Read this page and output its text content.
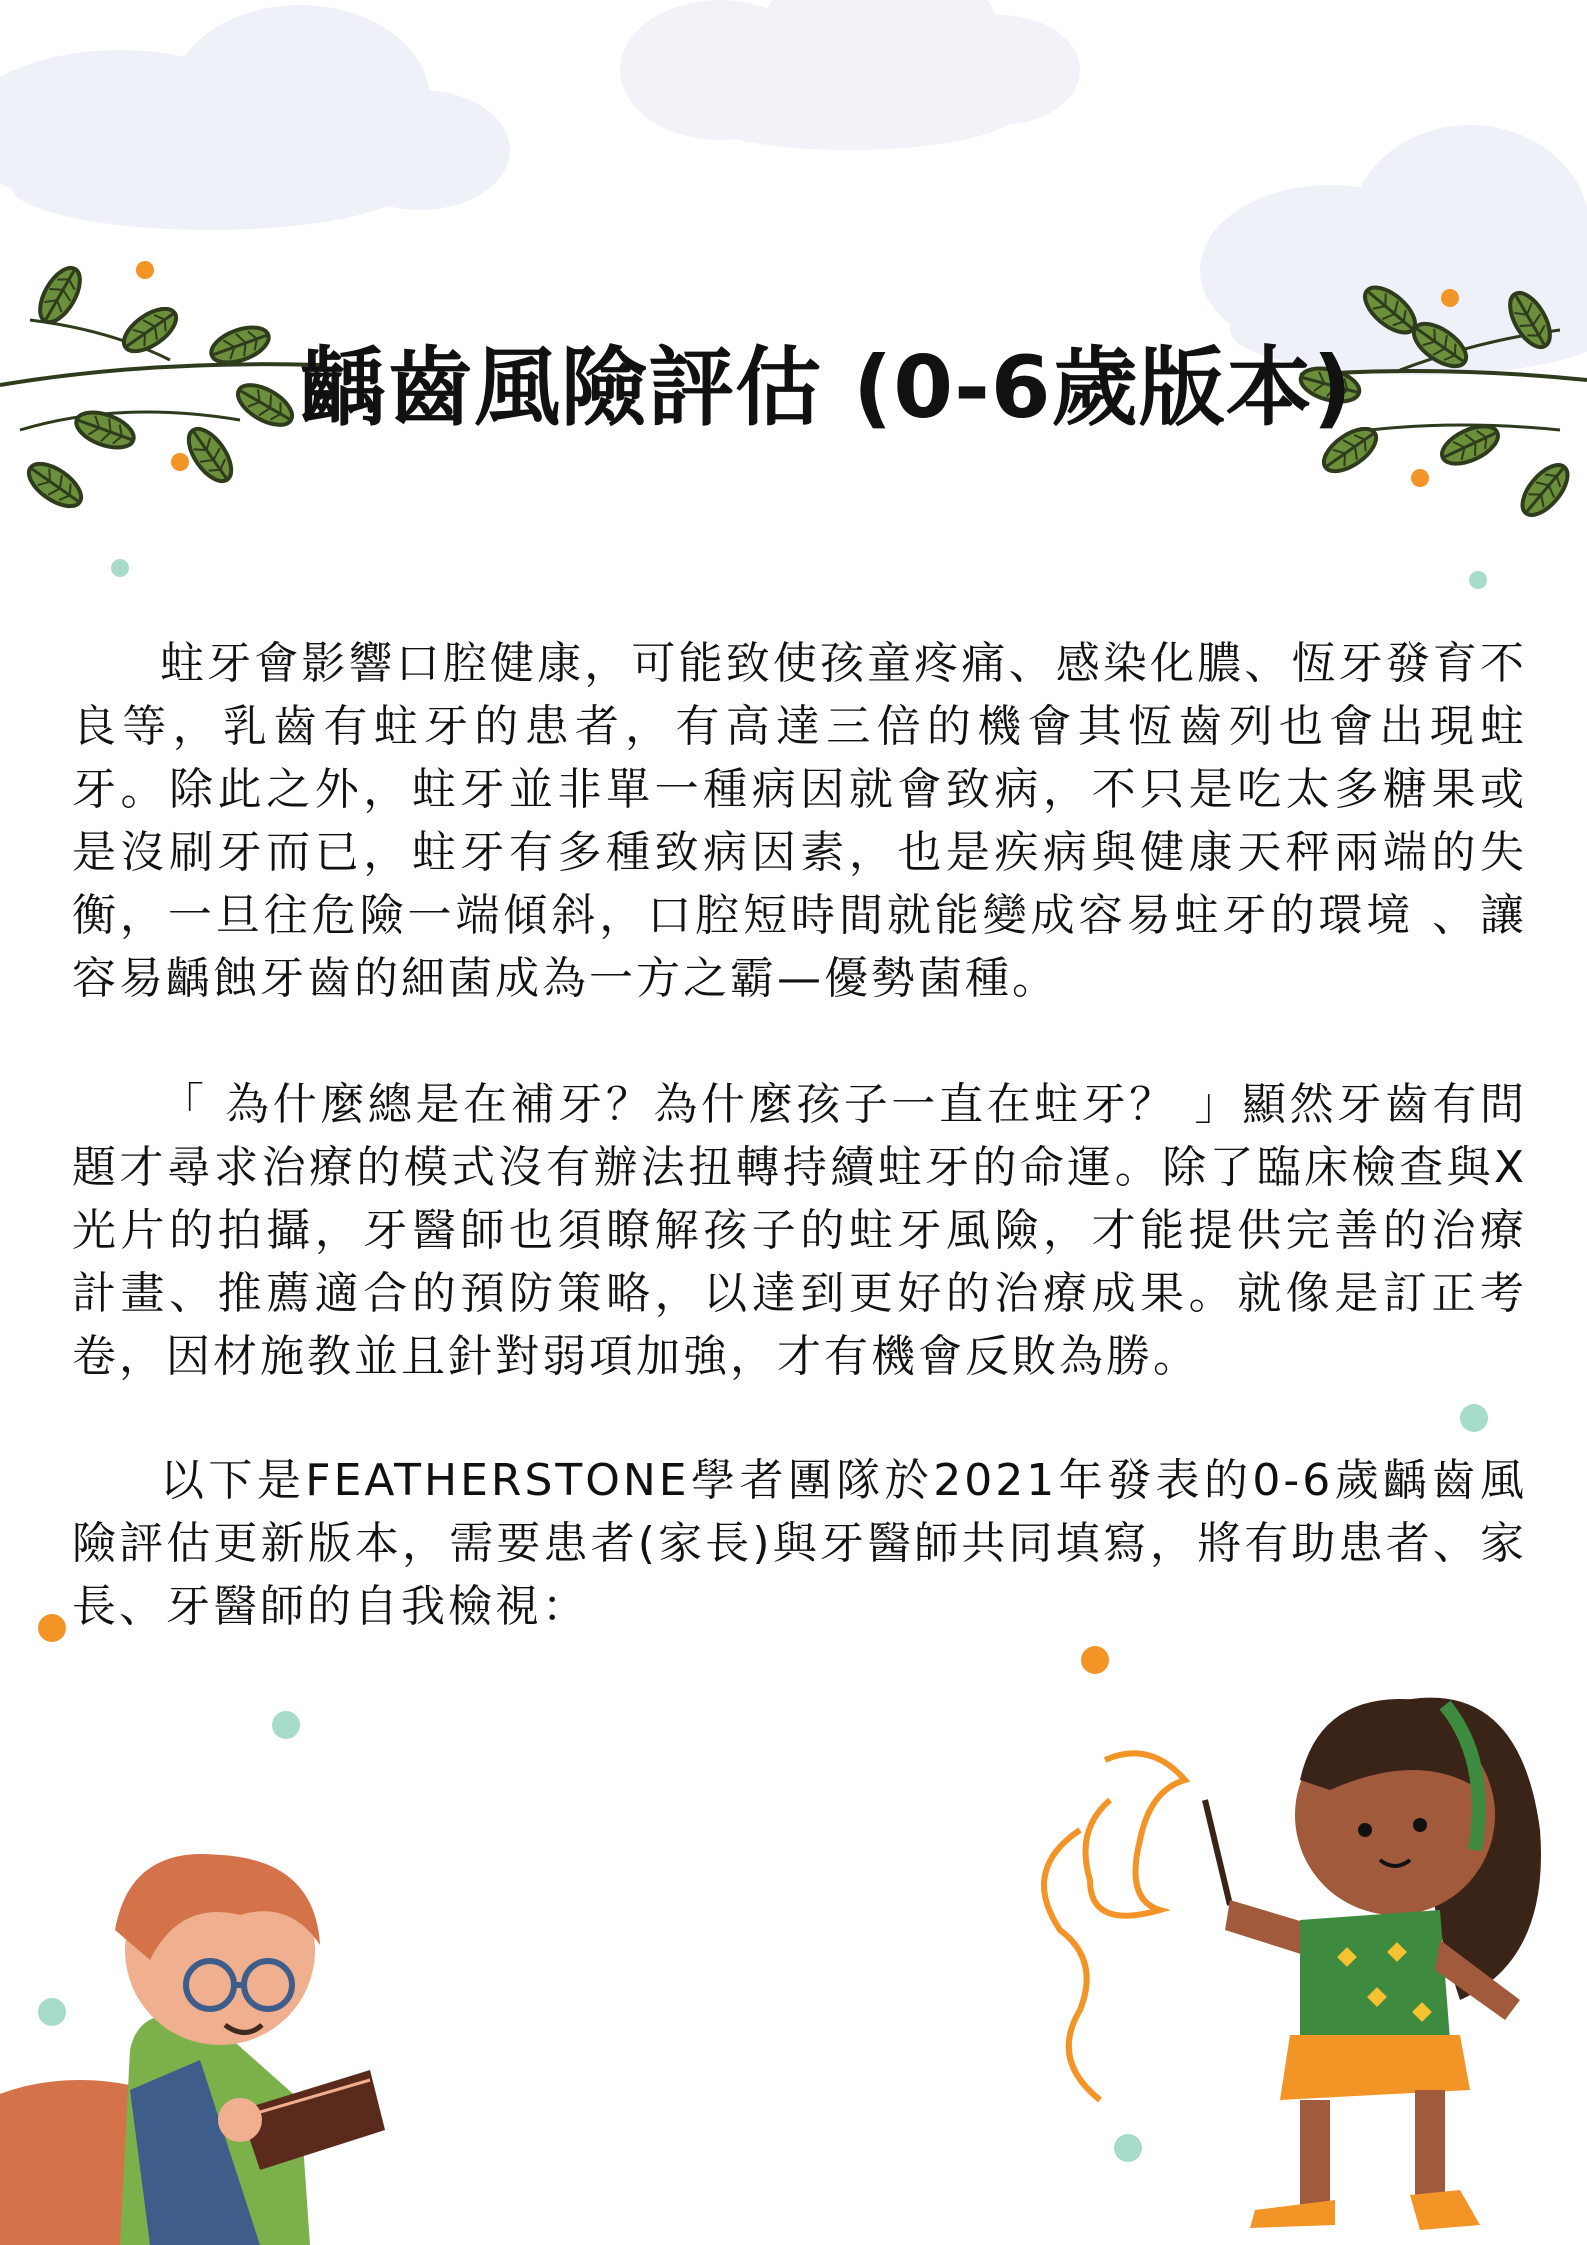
齲齒風險評估 (0-6歲版本)

蛀牙會影響口腔健康，可能致使孩童疼痛、感染化膿、恆牙發育不良等，乳齒有蛀牙的患者，有高達三倍的機會其恆齒列也會出現蛀牙。除此之外，蛀牙並非單一種病因就會致病，不只是吃太多糖果或是沒刷牙而已，蛀牙有多種致病因素，也是疾病與健康天秤兩端的失衡，一旦往危險一端傾斜，口腔短時間就能變成容易蛀牙的環境 、讓容易齲蝕牙齒的細菌成為一方之霸—優勢菌種。

「 為什麼總是在補牙？為什麼孩子一直在蛀牙？ 」顯然牙齒有問題才尋求治療的模式沒有辦法扭轉持續蛀牙的命運。除了臨床檢查與X光片的拍攝，牙醫師也須瞭解孩子的蛀牙風險，才能提供完善的治療計畫、推薦適合的預防策略，以達到更好的治療成果。就像是訂正考卷，因材施教並且針對弱項加強，才有機會反敗為勝。

以下是FEATHERSTONE學者團隊於2021年發表的0-6歲齲齒風險評估更新版本，需要患者(家長)與牙醫師共同填寫，將有助患者、家長、牙醫師的自我檢視：
